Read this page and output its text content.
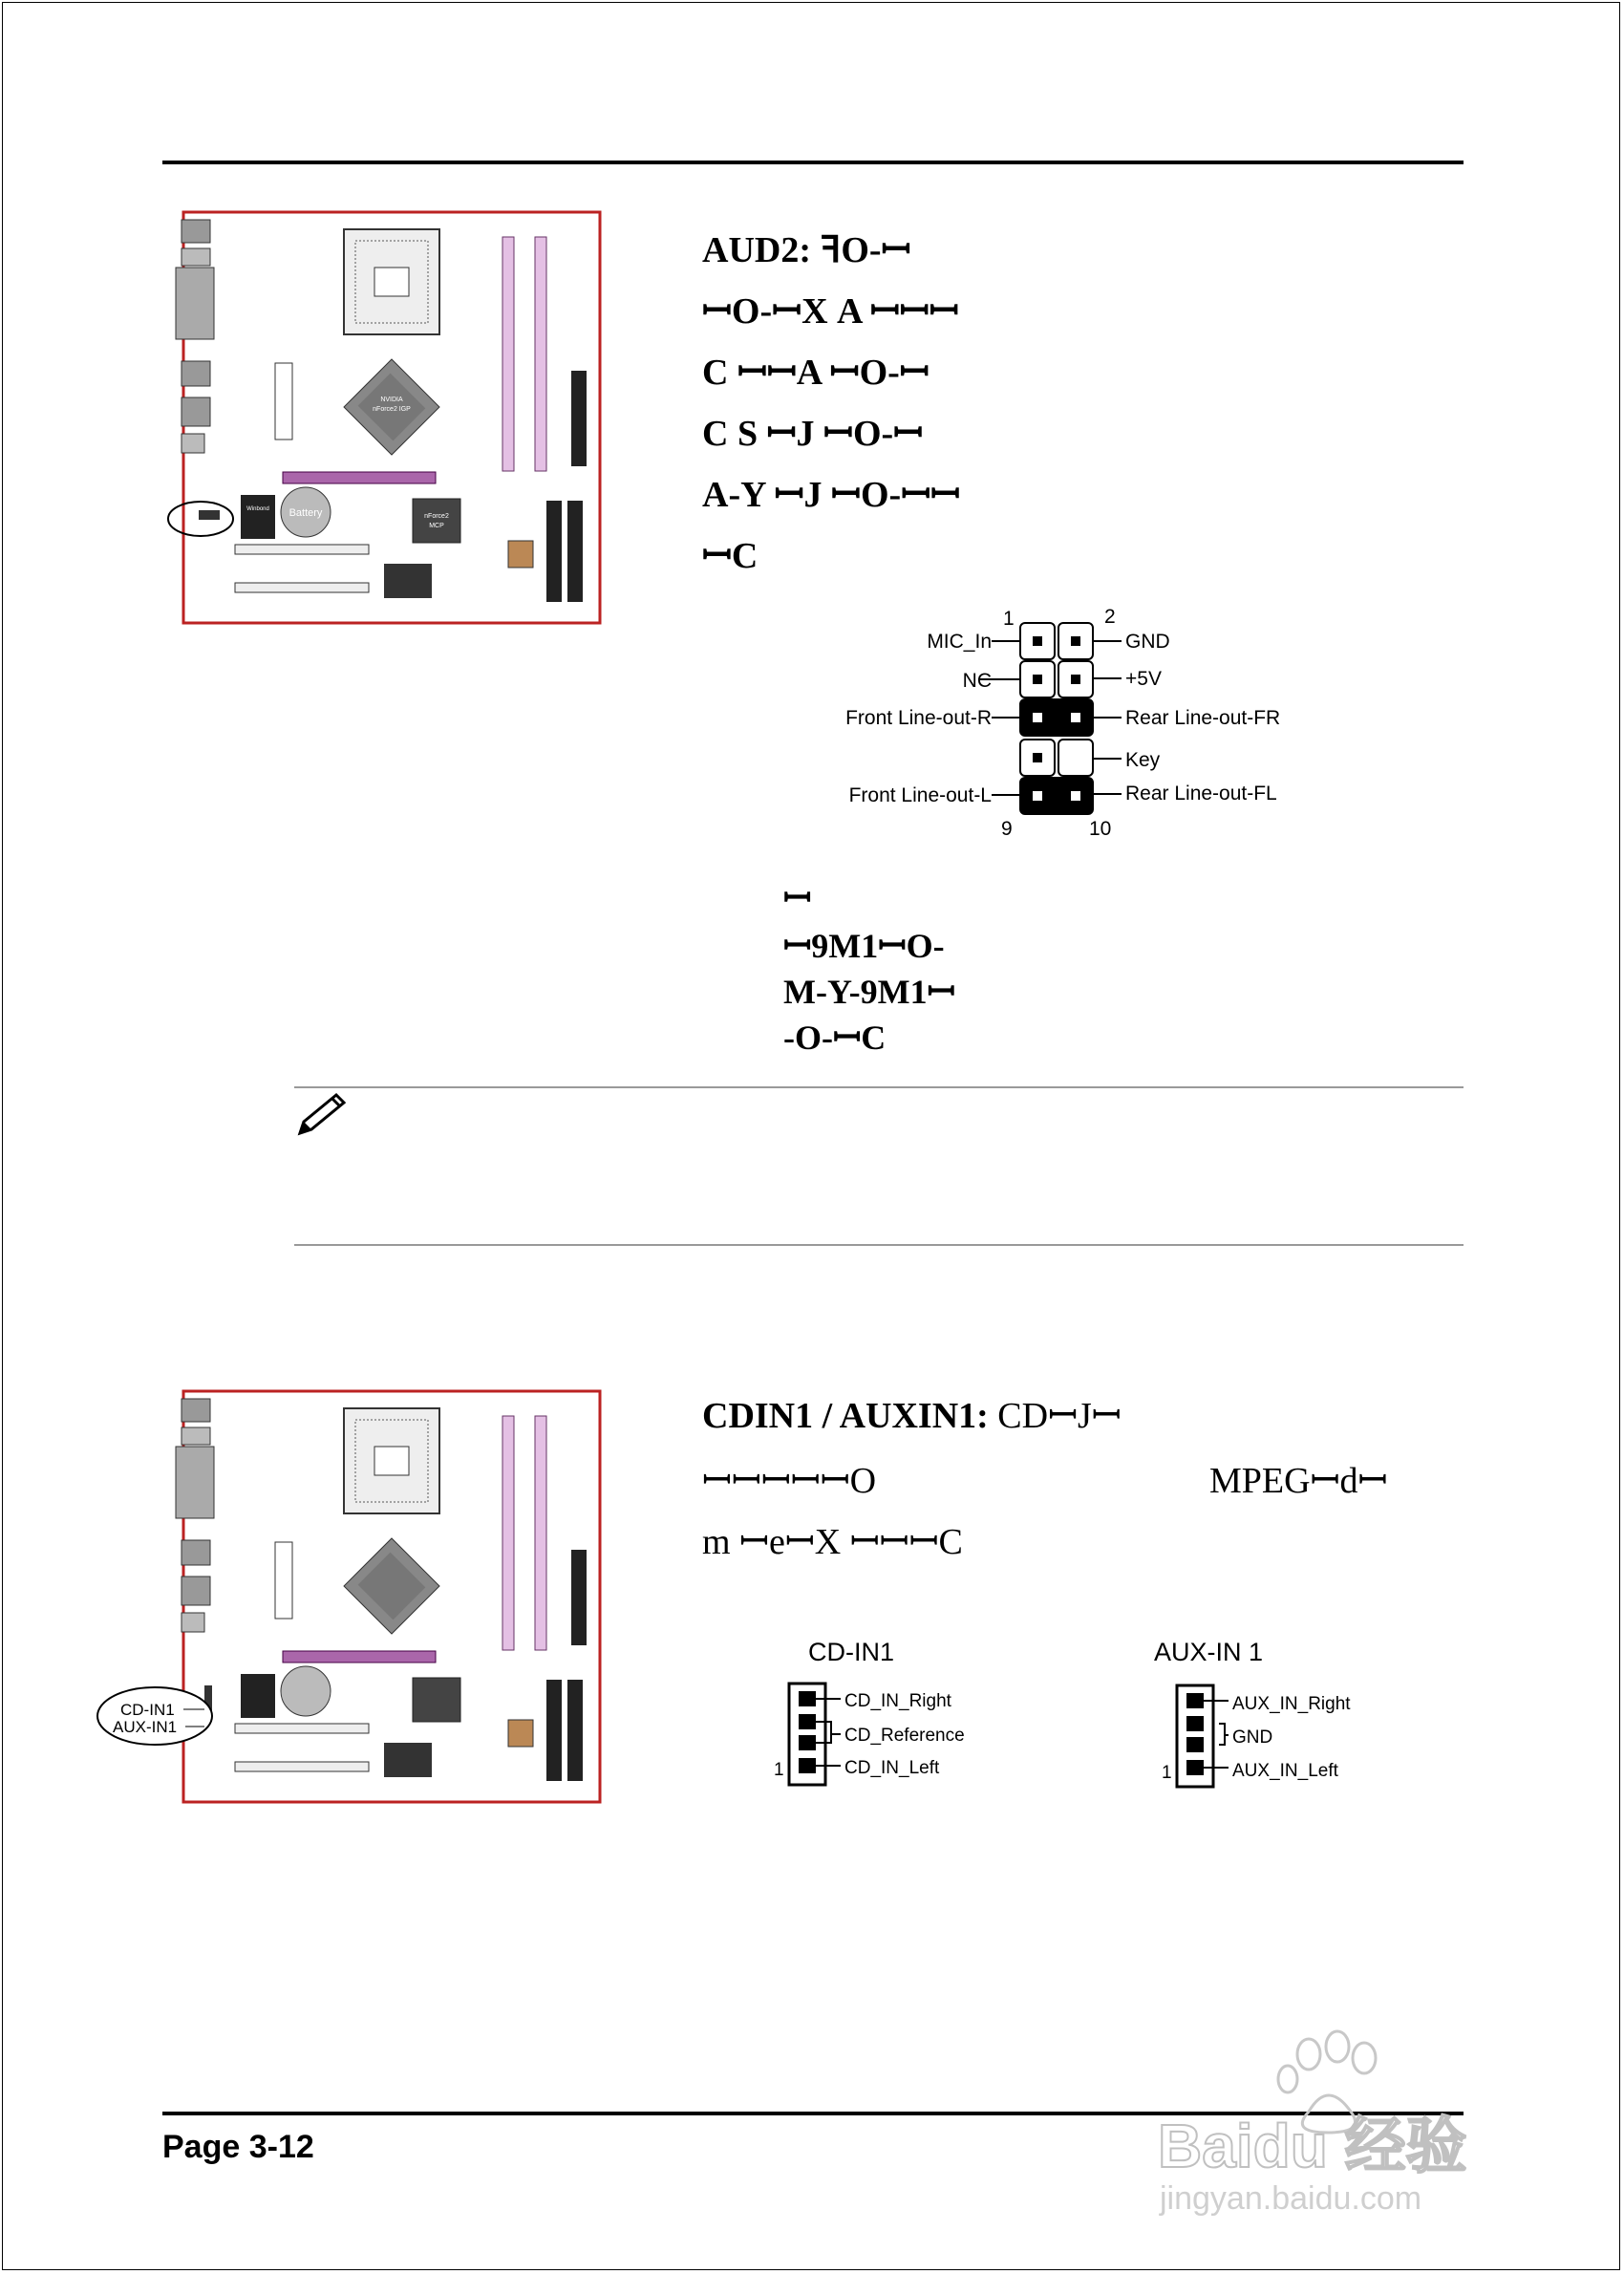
NVIDIA
nForce2 IGP
Winbond Battery	nForce2
MCP
AUD2: ꟻО-ꟷ
ꟷО-ꟷХ A ꟷꟷꟷ
C ꟷꟷA ꟷО-ꟷ
C S ꟷJ ꟷО-ꟷ
A-Y ꟷJ ꟷО-ꟷꟷ
ꟷC
1	2
9	10
MIC_In
NC
Front Line-out-R
Front Line-out-L
GND
+5V
Rear Line-out-FR
Key
Rear Line-out-FL
ꟷ
ꟷ9M1ꟷО-
M-Y-9M1ꟷ
-O-ꟷC
CD-IN1
AUX-IN1
CDIN1 / AUXIN1: CDꟷJꟷ
ꟷꟷꟷꟷꟷO	MPEGꟷdꟷ
m ꟷeꟷX ꟷꟷꟷC
CD-IN1
CD_IN_Right
CD_Reference
CD_IN_Left
1
AUX-IN 1
AUX_IN_Right
GND
AUX_IN_Left
1
Page 3-12	Baidu 经验
jingyan.baidu.com
